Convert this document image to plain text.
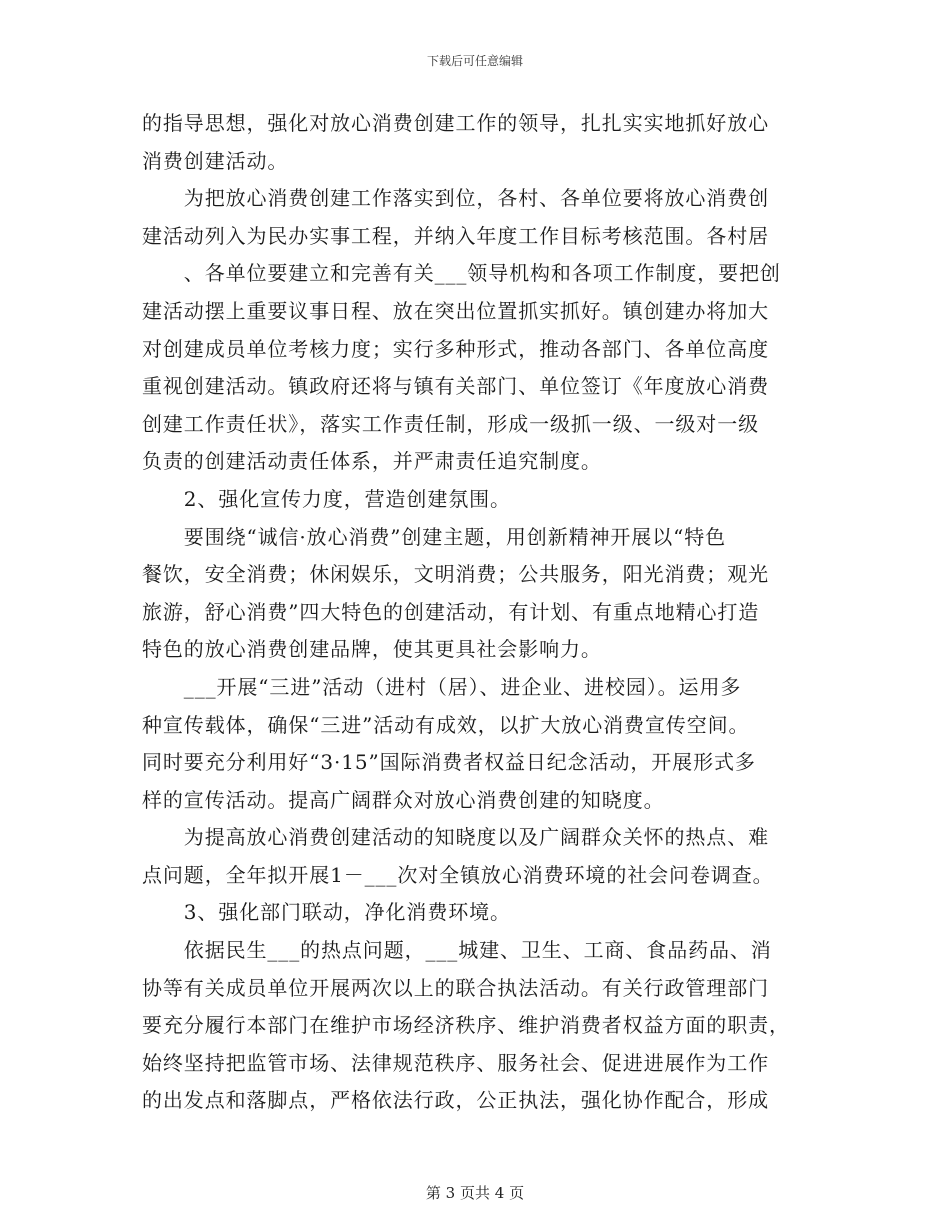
下载后可任意编辑
的指导思想，强化对放心消费创建工作的领导，扎扎实实地抓好放心
消费创建活动。
　　为把放心消费创建工作落实到位，各村、各单位要将放心消费创
建活动列入为民办实事工程，并纳入年度工作目标考核范围。各村居
　　、各单位要建立和完善有关___领导机构和各项工作制度，要把创
建活动摆上重要议事日程、放在突出位置抓实抓好。镇创建办将加大
对创建成员单位考核力度；实行多种形式，推动各部门、各单位高度
重视创建活动。镇政府还将与镇有关部门、单位签订《年度放心消费
创建工作责任状》，落实工作责任制，形成一级抓一级、一级对一级
负责的创建活动责任体系，并严肃责任追究制度。
　　2、强化宣传力度，营造创建氛围。
　　要围绕“诚信·放心消费”创建主题，用创新精神开展以“特色
餐饮，安全消费；休闲娱乐，文明消费；公共服务，阳光消费；观光
旅游，舒心消费”四大特色的创建活动，有计划、有重点地精心打造
特色的放心消费创建品牌，使其更具社会影响力。
　　___开展“三进”活动（进村（居）、进企业、进校园）。运用多
种宣传载体，确保“三进”活动有成效，以扩大放心消费宣传空间。
同时要充分利用好“3·15”国际消费者权益日纪念活动，开展形式多
样的宣传活动。提高广阔群众对放心消费创建的知晓度。
　　为提高放心消费创建活动的知晓度以及广阔群众关怀的热点、难
点问题，全年拟开展1－___次对全镇放心消费环境的社会问卷调查。
　　3、强化部门联动，净化消费环境。
　　依据民生___的热点问题，___城建、卫生、工商、食品药品、消
协等有关成员单位开展两次以上的联合执法活动。有关行政管理部门
要充分履行本部门在维护市场经济秩序、维护消费者权益方面的职责，
始终坚持把监管市场、法律规范秩序、服务社会、促进进展作为工作
的出发点和落脚点，严格依法行政，公正执法，强化协作配合，形成
第 3 页共 4 页
